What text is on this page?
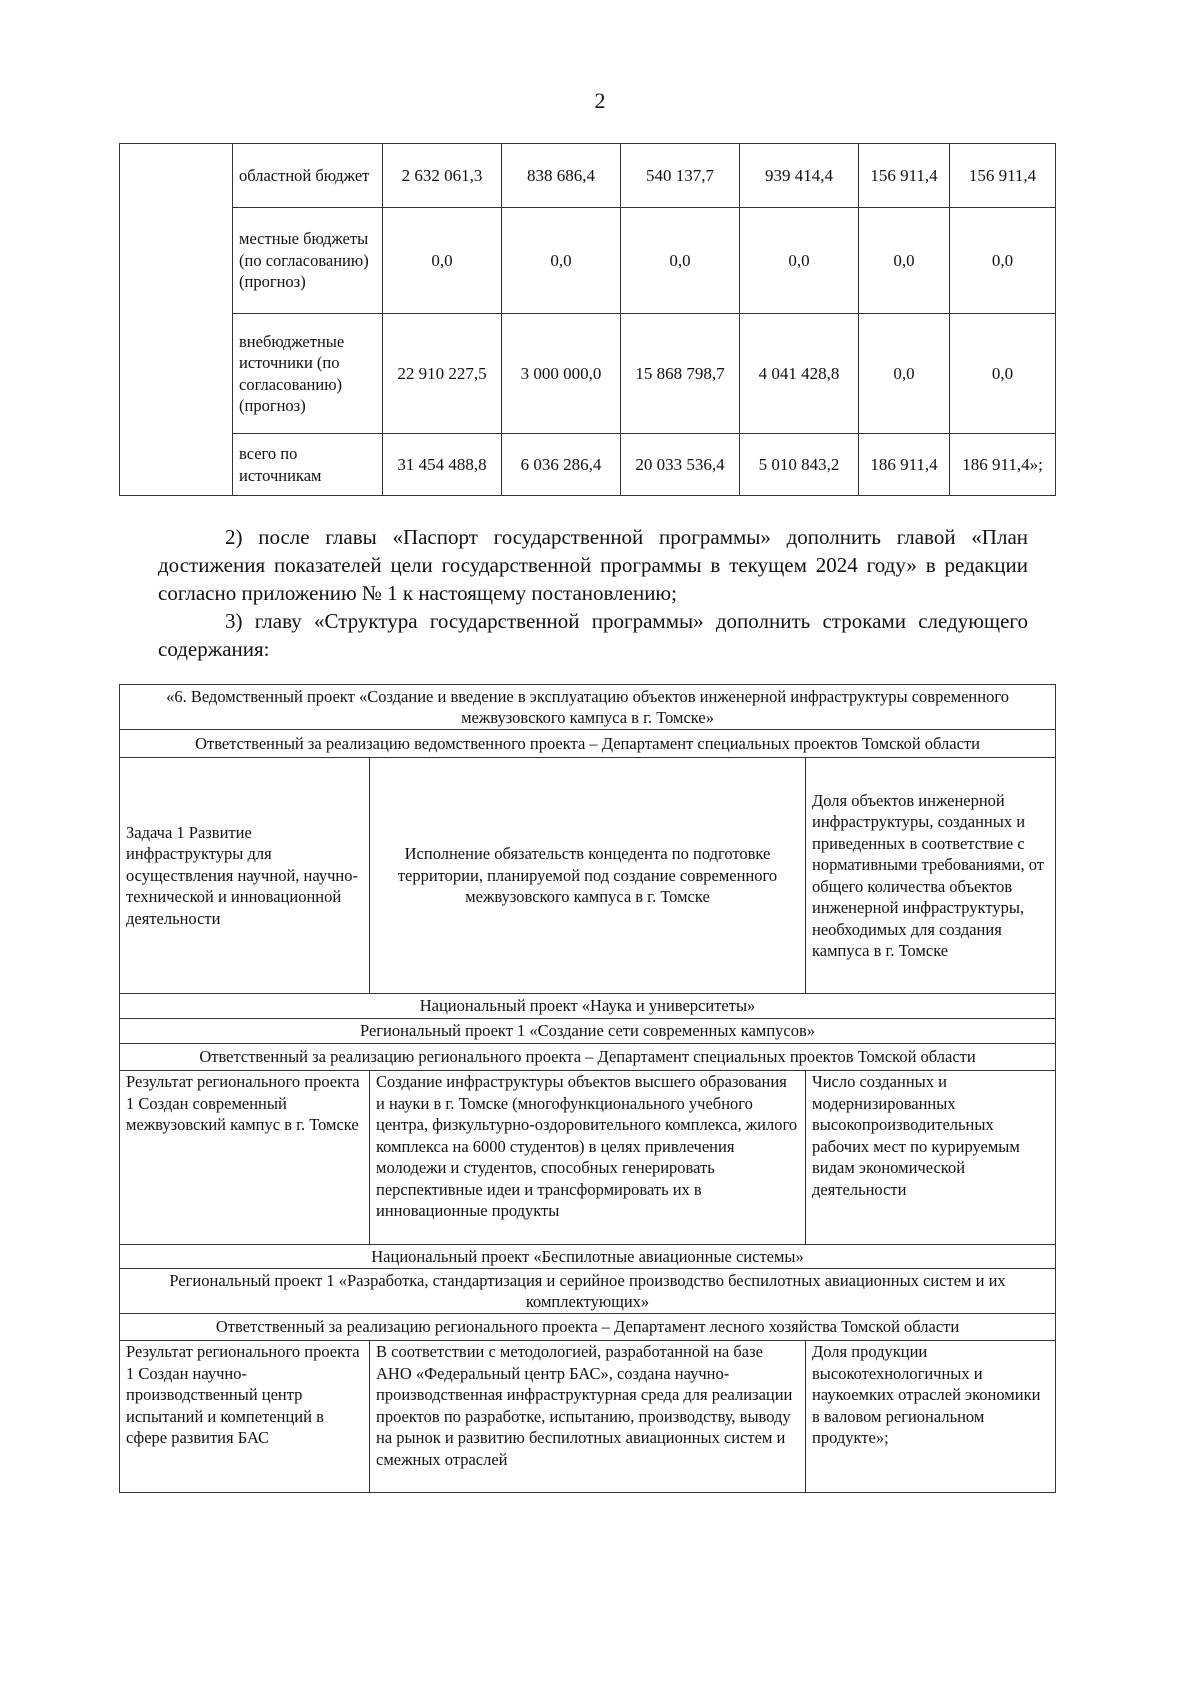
2
	областной бюджет	2 632 061,3	838 686,4	540 137,7	939 414,4	156 911,4	156 911,4
	местные бюджеты (по согласованию) (прогноз)	0,0	0,0	0,0	0,0	0,0	0,0
	внебюджетные источники (по согласованию) (прогноз)	22 910 227,5	3 000 000,0	15 868 798,7	4 041 428,8	0,0	0,0
	всего по источникам	31 454 488,8	6 036 286,4	20 033 536,4	5 010 843,2	186 911,4	186 911,4»;

2) после главы «Паспорт государственной программы» дополнить главой «План достижения показателей цели государственной программы в текущем 2024 году» в редакции согласно приложению № 1 к настоящему постановлению;

3) главу «Структура государственной программы» дополнить строками следующего содержания:

«6. Ведомственный проект «Создание и введение в эксплуатацию объектов инженерной инфраструктуры современного межвузовского кампуса в г. Томске»		
Ответственный за реализацию ведомственного проекта – Департамент специальных проектов Томской области		
Задача 1 Развитие инфраструктуры для осуществления научной, научно-технической и инновационной деятельности	Исполнение обязательств концедента по подготовке территории, планируемой под создание современного межвузовского кампуса в г. Томске	Доля объектов инженерной инфраструктуры, созданных и приведенных в соответствие с нормативными требованиями, от общего количества объектов инженерной инфраструктуры, необходимых для создания кампуса в г. Томске
Национальный проект «Наука и университеты»		
Региональный проект 1 «Создание сети современных кампусов»		
Ответственный за реализацию регионального проекта – Департамент специальных проектов Томской области		
Результат регионального проекта 1 Создан современный межвузовский кампус в г. Томске	Создание инфраструктуры объектов высшего образования и науки в г. Томске (многофункционального учебного центра, физкультурно-оздоровительного комплекса, жилого комплекса на 6000 студентов) в целях привлечения молодежи и студентов, способных генерировать перспективные идеи и трансформировать их в инновационные продукты	Число созданных и модернизированных высокопроизводительных рабочих мест по курируемым видам экономической деятельности
Национальный проект «Беспилотные авиационные системы»		
Региональный проект 1 «Разработка, стандартизация и серийное производство беспилотных авиационных систем и их комплектующих»		
Ответственный за реализацию регионального проекта – Департамент лесного хозяйства Томской области		
Результат регионального проекта 1 Создан научно-производственный центр испытаний и компетенций в сфере развития БАС	В соответствии с методологией, разработанной на базе АНО «Федеральный центр БАС», создана научно-производственная инфраструктурная среда для реализации проектов по разработке, испытанию, производству, выводу на рынок и развитию беспилотных авиационных систем и смежных отраслей	Доля продукции высокотехнологичных и наукоемких отраслей экономики в валовом региональном продукте»;
